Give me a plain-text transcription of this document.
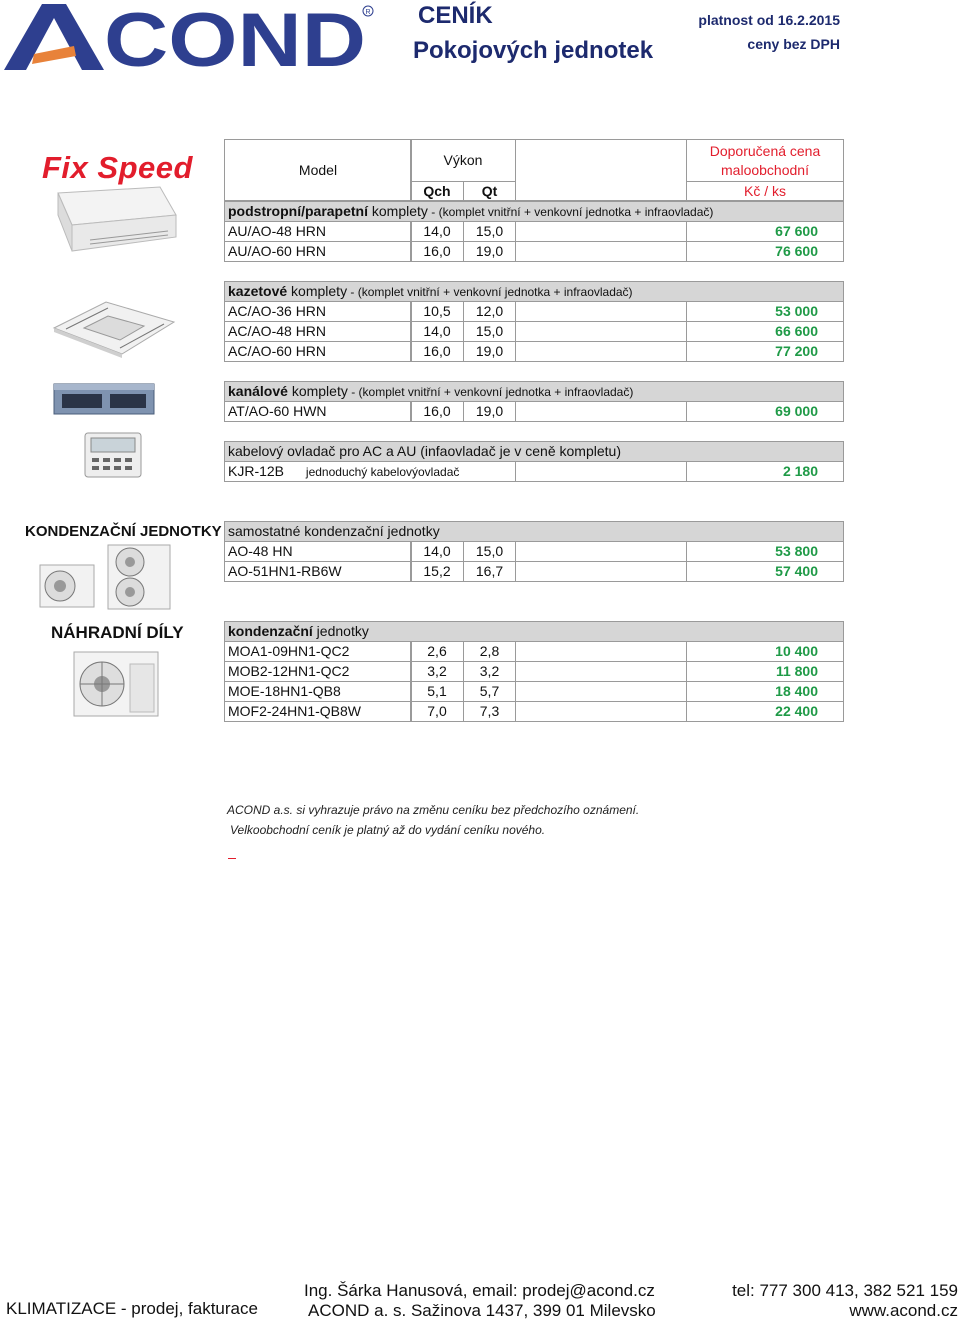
COND R CENÍK
Pokojových jednotek
platnost od 16.2.2015
ceny bez DPH
Fix Speed
KONDENZAČNÍ JEDNOTKY
NÁHRADNÍ DÍLY
Model
Výkon
Qch	Qt
Doporučená cena
maloobchodní
Kč / ks
podstropní/parapetní komplety - (komplet vnitřní + venkovní jednotka + infraovladač)
AU/AO-48 HRN	14,0	15,0	67 600
AU/AO-60 HRN	16,0	19,0	76 600
kazetové komplety - (komplet vnitřní + venkovní jednotka + infraovladač)
AC/AO-36 HRN	10,5	12,0	53 000
AC/AO-48 HRN	14,0	15,0	66 600
AC/AO-60 HRN	16,0	19,0	77 200
kanálové komplety - (komplet vnitřní + venkovní jednotka + infraovladač)
AT/AO-60 HWN	16,0	19,0	69 000
kabelový ovladač pro AC a AU (infaovladač je v ceně kompletu)
KJR-12B jednoduchý kabelovýovladač	2 180
samostatné kondenzační jednotky
AO-48 HN	14,0	15,0	53 800
AO-51HN1-RB6W	15,2	16,7	57 400
kondenzační jednotky
MOA1-09HN1-QC2	2,6	2,8	10 400
MOB2-12HN1-QC2	3,2	3,2	11 800
MOE-18HN1-QB8	5,1	5,7	18 400
MOF2-24HN1-QB8W	7,0	7,3	22 400
ACOND a.s. si vyhrazuje právo na změnu ceníku bez předchozího oznámení.
Velkoobchodní ceník je platný až do vydání ceníku nového.
KLIMATIZACE - prodej, fakturace
Ing. Šárka Hanusová, email: prodej@acond.cz
ACOND a. s. Sažinova 1437, 399 01 Milevsko
tel: 777 300 413, 382 521 159
www.acond.cz
